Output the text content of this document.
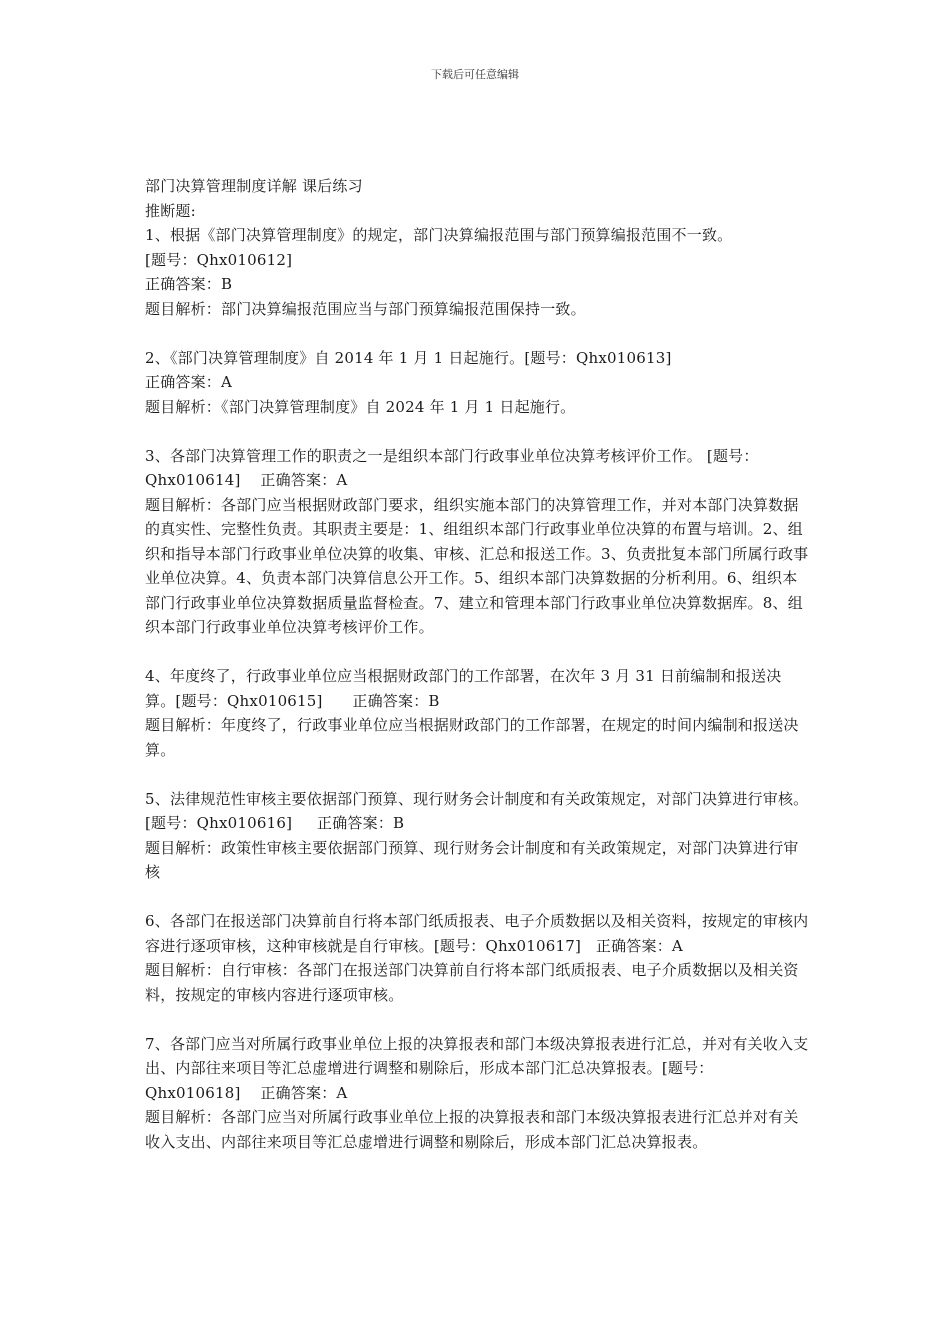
下载后可任意编辑

部门决算管理制度详解 课后练习

推断题:

1、根据《部门决算管理制度》的规定，部门决算编报范围与部门预算编报范围不一致。

[题号：Qhx010612]

正确答案：B

题目解析：部门决算编报范围应当与部门预算编报范围保持一致。

2、《部门决算管理制度》自 2014 年 1 月 1 日起施行。[题号：Qhx010613]

正确答案：A

题目解析：《部门决算管理制度》自 2024 年 1 月 1 日起施行。

3、各部门决算管理工作的职责之一是组织本部门行政事业单位决算考核评价工作。 [题号：Qhx010614] 正确答案：A

题目解析：各部门应当根据财政部门要求，组织实施本部门的决算管理工作，并对本部门决算数据的真实性、完整性负责。其职责主要是：1、组组织本部门行政事业单位决算的布置与培训。2、组织和指导本部门行政事业单位决算的收集、审核、汇总和报送工作。3、负责批复本部门所属行政事业单位决算。4、负责本部门决算信息公开工作。5、组织本部门决算数据的分析利用。6、组织本部门行政事业单位决算数据质量监督检查。7、建立和管理本部门行政事业单位决算数据库。8、组织本部门行政事业单位决算考核评价工作。

4、年度终了，行政事业单位应当根据财政部门的工作部署，在次年 3 月 31 日前编制和报送决算。[题号：Qhx010615] 正确答案：B

题目解析：年度终了，行政事业单位应当根据财政部门的工作部署，在规定的时间内编制和报送决算。

5、法律规范性审核主要依据部门预算、现行财务会计制度和有关政策规定，对部门决算进行审核。[题号：Qhx010616] 正确答案：B

题目解析：政策性审核主要依据部门预算、现行财务会计制度和有关政策规定，对部门决算进行审核

6、各部门在报送部门决算前自行将本部门纸质报表、电子介质数据以及相关资料，按规定的审核内容进行逐项审核，这种审核就是自行审核。[题号：Qhx010617] 正确答案：A

题目解析：自行审核：各部门在报送部门决算前自行将本部门纸质报表、电子介质数据以及相关资料，按规定的审核内容进行逐项审核。

7、各部门应当对所属行政事业单位上报的决算报表和部门本级决算报表进行汇总，并对有关收入支出、内部往来项目等汇总虚增进行调整和剔除后，形成本部门汇总决算报表。[题号：Qhx010618] 正确答案：A

题目解析：各部门应当对所属行政事业单位上报的决算报表和部门本级决算报表进行汇总并对有关收入支出、内部往来项目等汇总虚增进行调整和剔除后，形成本部门汇总决算报表。
